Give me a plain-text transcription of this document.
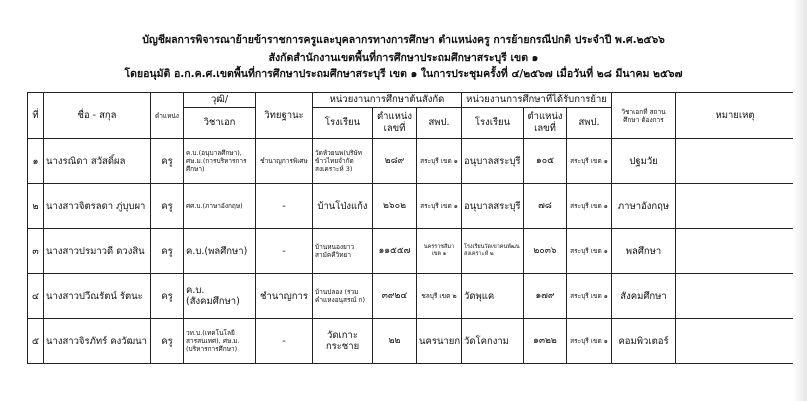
บัญชีผลการพิจารณาย้ายข้าราชการครูและบุคลากรทางการศึกษา ตำแหน่งครู การย้ายกรณีปกติ ประจำปี พ.ศ.๒๕๖๖
สังกัดสำนักงานเขตพื้นที่การศึกษาประถมศึกษาสระบุรี เขต ๑
โดยอนุมัติ อ.ก.ค.ศ.เขตพื้นที่การศึกษาประถมศึกษาสระบุรี เขต ๑ ในการประชุมครั้งที่ ๔/๒๕๖๗ เมื่อวันที่ ๒๘ มีนาคม ๒๕๖๗
ที่	ชื่อ - สกุล	ตำแหน่ง	วุฒิ/	วิทยฐานะ	หน่วยงานการศึกษาต้นสังกัด			หน่วยงานการศึกษาที่ได้รับการย้าย			วิชาเอกที่ สถานศึกษา ต้องการ	หมายเหตุ
			วิชาเอก		โรงเรียน	ตำแหน่ง เลขที่	สพป.	โรงเรียน	ตำแหน่ง เลขที่	สพป.		
๑	นางรณิดา สวัสดิ์ผล	ครู	ค.บ.(อนุบาลศึกษา), ศษ.ม.(การบริหารการศึกษา)	ชำนาญการพิเศษ	วัดหัวยนพ(บริษัทข้าวไทยจำกัด สงเคราะห์ 3)	๒๘๙	สระบุรี เขต ๑	อนุบาลสระบุรี	๑๐๕	สระบุรี เขต ๑	ปฐมวัย	
๒	นางสาวจิตรลดา ภู่บุบผา	ครู	ศศ.บ.(ภาษาอังกฤษ)	-	บ้านโป่งแก้ง	๒๖๐๒	สระบุรี เขต ๑	อนุบาลสระบุรี	๗๘	สระบุรี เขต ๑	ภาษาอังกฤษ	
๓	นางสาวปรมาวดี ดวงสิน	ครู	ค.บ.(พลศึกษา)	-	บ้านหนองยาวสามัคคีวิทยา	๑๑๕๕๗	นครราชสีมา เขต ๑	โรงเรียนวัดเขาคนพัฒนสงเคราะห์ ๒	๒๐๓๖	สระบุรี เขต ๑	พลศึกษา	
๔	นางสาวปวีณรัตน์ รัตนะ	ครู	ค.บ.(สังคมศึกษา)	ชำนาญการ	บ้านปลอง (รวมคำแหงอนุสรณ์ ก)	๓๙๒๔	ชลบุรี เขต ๒	วัดพุแค	๑๗๙	สระบุรี เขต ๑	สังคมศึกษา	
๕	นางสาวจิรภัทร์ คงวัฒนา	ครู	วท.บ.(เทคโนโลยีสารสนเทศ), ศษ.ม.(บริหารการศึกษา)	-	วัดเกาะกระชาย	๒๒	นครนายก	วัดโคกงาม	๑๓๒๒	สระบุรี เขต ๑	คอมพิวเตอร์	
